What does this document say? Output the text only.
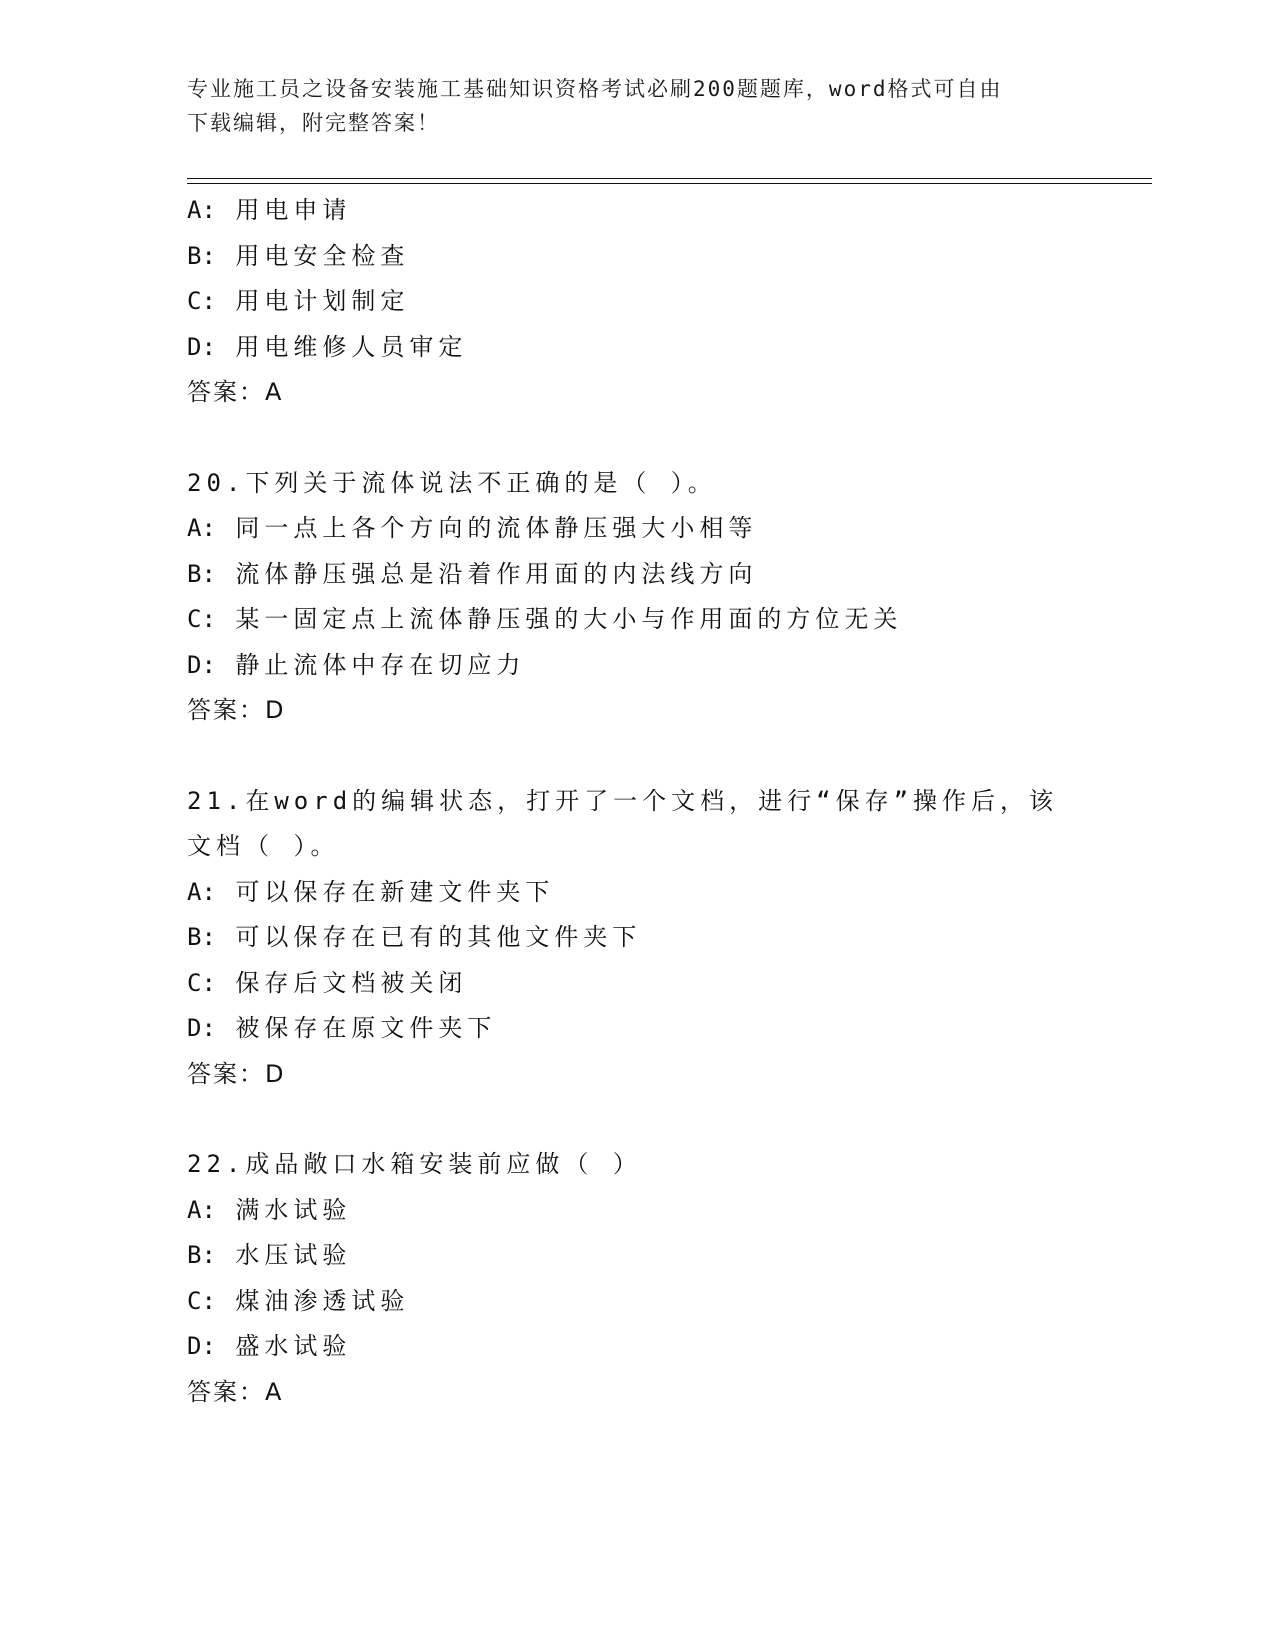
专业施工员之设备安装施工基础知识资格考试必刷200题题库，word格式可自由
下载编辑，附完整答案！
A: 用电申请
B: 用电安全检查
C: 用电计划制定
D: 用电维修人员审定
答案：A
20.下列关于流体说法不正确的是（ ）。
A: 同一点上各个方向的流体静压强大小相等
B: 流体静压强总是沿着作用面的内法线方向
C: 某一固定点上流体静压强的大小与作用面的方位无关
D: 静止流体中存在切应力
答案：D
21.在word的编辑状态，打开了一个文档，进行“保存”操作后，该
文档（ ）。
A: 可以保存在新建文件夹下
B: 可以保存在已有的其他文件夹下
C: 保存后文档被关闭
D: 被保存在原文件夹下
答案：D
22.成品敞口水箱安装前应做（ ）
A: 满水试验
B: 水压试验
C: 煤油渗透试验
D: 盛水试验
答案：A
